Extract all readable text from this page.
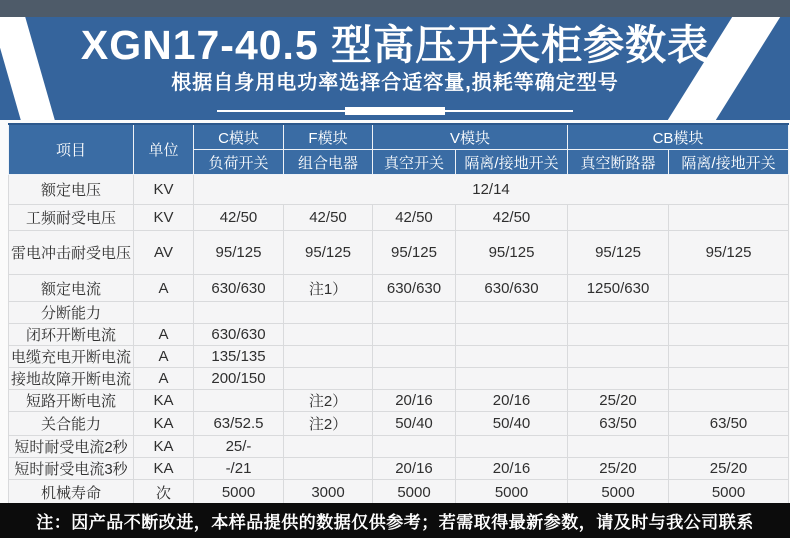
XGN17-40.5 型高压开关柜参数表
根据自身用电功率选择合适容量,损耗等确定型号
项目	单位	C模块	F模块	V模块		CB模块	
		负荷开关	组合电器	真空开关	隔离/接地开关	真空断路器	隔离/接地开关
额定电压	KV	12/14					
工频耐受电压	KV	42/50	42/50	42/50	42/50		
雷电冲击耐受电压	AV	95/125	95/125	95/125	95/125	95/125	95/125
额定电流	A	630/630	注1）	630/630	630/630	1250/630	
分断能力							
闭环开断电流	A	630/630					
电缆充电开断电流	A	135/135					
接地故障开断电流	A	200/150					
短路开断电流	KA		注2）	20/16	20/16	25/20	
关合能力	KA	63/52.5	注2）	50/40	50/40	63/50	63/50
短时耐受电流2秒	KA	25/-					
短时耐受电流3秒	KA	-/21		20/16	20/16	25/20	25/20
机械寿命	次	5000	3000	5000	5000	5000	5000
注：因产品不断改进，本样品提供的数据仅供参考；若需取得最新参数，请及时与我公司联系
